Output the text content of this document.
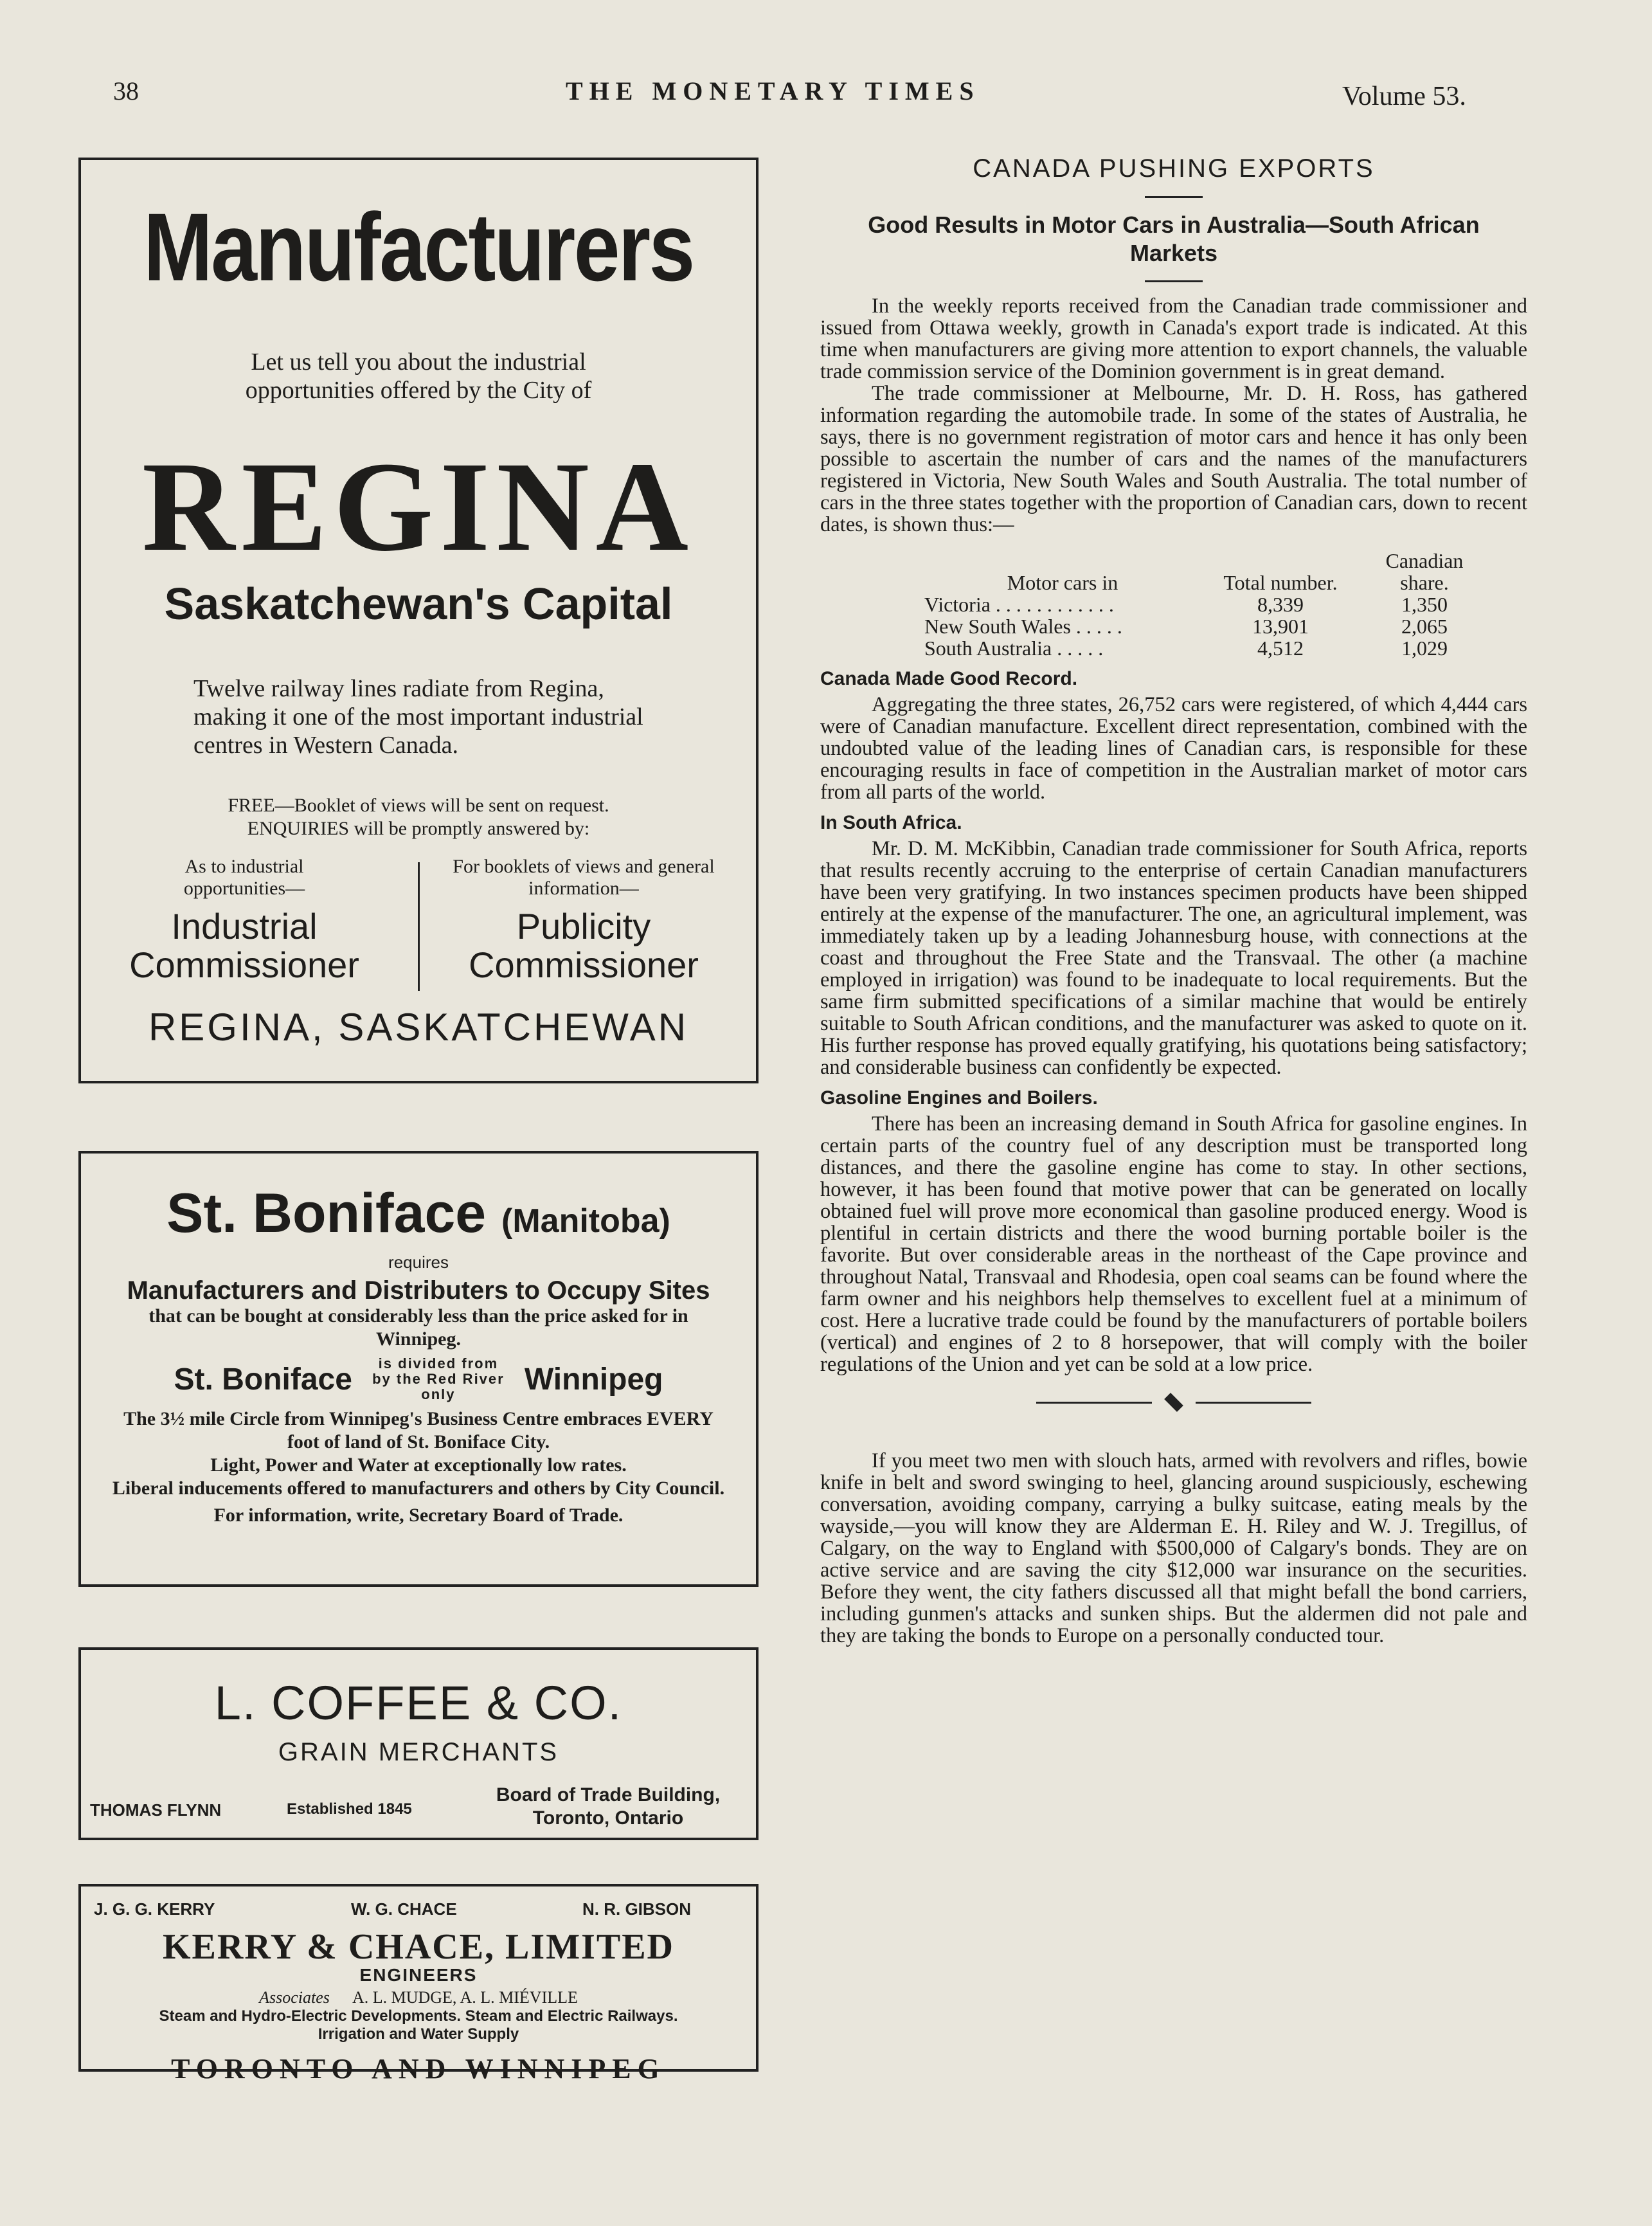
38	THE MONETARY TIMES	Volume 53.
Manufacturers
Let us tell you about the industrial opportunities offered by the City of
REGINA
Saskatchewan's Capital
Twelve railway lines radiate from Regina, making it one of the most important industrial centres in Western Canada.
FREE—Booklet of views will be sent on request.
ENQUIRIES will be promptly answered by:
As to industrial opportunities—
Industrial Commissioner
For booklets of views and general information—
Publicity Commissioner
REGINA, SASKATCHEWAN
St. Boniface (Manitoba)
requires
Manufacturers and Distributers to Occupy Sites
that can be bought at considerably less than the price asked for in Winnipeg.
St. Boniface	is divided from by the Red River only	Winnipeg
The 3½ mile Circle from Winnipeg's Business Centre embraces EVERY foot of land of St. Boniface City.
Light, Power and Water at exceptionally low rates.
Liberal inducements offered to manufacturers and others by City Council.
For information, write, Secretary Board of Trade.
L. COFFEE & CO.
GRAIN MERCHANTS
THOMAS FLYNN	Established 1845
Board of Trade Building, Toronto, Ontario
J. G. G. KERRY	W. G. CHACE	N. R. GIBSON
KERRY & CHACE, LIMITED
ENGINEERS
Associates A. L. MUDGE, A. L. MIÉVILLE
Steam and Hydro-Electric Developments. Steam and Electric Railways. Irrigation and Water Supply
TORONTO AND WINNIPEG
CANADA PUSHING EXPORTS
Good Results in Motor Cars in Australia—South African Markets

In the weekly reports received from the Canadian trade commissioner and issued from Ottawa weekly, growth in Canada's export trade is indicated. At this time when manufacturers are giving more attention to export channels, the valuable trade commission service of the Dominion government is in great demand.

The trade commissioner at Melbourne, Mr. D. H. Ross, has gathered information regarding the automobile trade. In some of the states of Australia, he says, there is no government registration of motor cars and hence it has only been possible to ascertain the number of cars and the names of the manufacturers registered in Victoria, New South Wales and South Australia. The total number of cars in the three states together with the proportion of Canadian cars, down to recent dates, is shown thus:—

Motor cars in	Total number.	Canadian share.
Victoria . . . . . . . . . . . .	8,339	1,350
New South Wales . . . . .	13,901	2,065
South Australia . . . . .	4,512	1,029
Canada Made Good Record.

Aggregating the three states, 26,752 cars were registered, of which 4,444 cars were of Canadian manufacture. Excellent direct representation, combined with the undoubted value of the leading lines of Canadian cars, is responsible for these encouraging results in face of competition in the Australian market of motor cars from all parts of the world.

In South Africa.

Mr. D. M. McKibbin, Canadian trade commissioner for South Africa, reports that results recently accruing to the enterprise of certain Canadian manufacturers have been very gratifying. In two instances specimen products have been shipped entirely at the expense of the manufacturer. The one, an agricultural implement, was immediately taken up by a leading Johannesburg house, with connections at the coast and throughout the Free State and the Transvaal. The other (a machine employed in irrigation) was found to be inadequate to local requirements. But the same firm submitted specifications of a similar machine that would be entirely suitable to South African conditions, and the manufacturer was asked to quote on it. His further response has proved equally gratifying, his quotations being satisfactory; and considerable business can confidently be expected.

Gasoline Engines and Boilers.

There has been an increasing demand in South Africa for gasoline engines. In certain parts of the country fuel of any description must be transported long distances, and there the gasoline engine has come to stay. In other sections, however, it has been found that motive power that can be generated on locally obtained fuel will prove more economical than gasoline produced energy. Wood is plentiful in certain districts and there the wood burning portable boiler is the favorite. But over considerable areas in the northeast of the Cape province and throughout Natal, Transvaal and Rhodesia, open coal seams can be found where the farm owner and his neighbors help themselves to excellent fuel at a minimum of cost. Here a lucrative trade could be found by the manufacturers of portable boilers (vertical) and engines of 2 to 8 horsepower, that will comply with the boiler regulations of the Union and yet can be sold at a low price.

If you meet two men with slouch hats, armed with revolvers and rifles, bowie knife in belt and sword swinging to heel, glancing around suspiciously, eschewing conversation, avoiding company, carrying a bulky suitcase, eating meals by the wayside,—you will know they are Alderman E. H. Riley and W. J. Tregillus, of Calgary, on the way to England with $500,000 of Calgary's bonds. They are on active service and are saving the city $12,000 war insurance on the securities. Before they went, the city fathers discussed all that might befall the bond carriers, including gunmen's attacks and sunken ships. But the aldermen did not pale and they are taking the bonds to Europe on a personally conducted tour.
